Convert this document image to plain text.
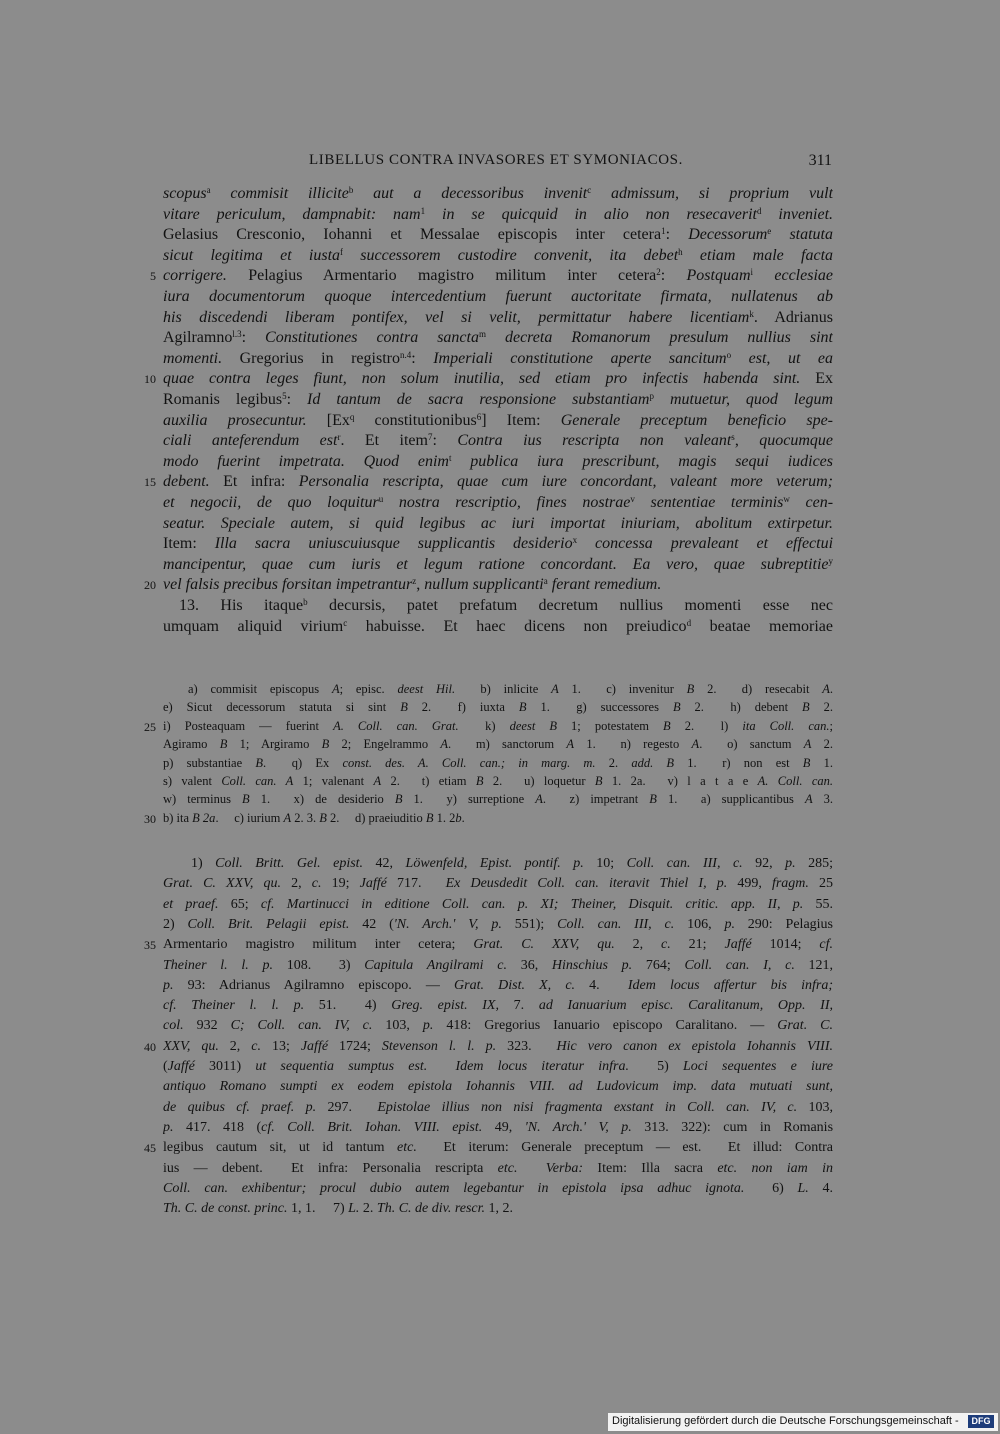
LIBELLUS CONTRA INVASORES ET SYMONIACOS.	311
scopus$^a$ commisit illicite$^b$ aut a decessoribus invenit$^c$ admissum, si proprium vult
vitare periculum, dampnabit: nam$^1$ in se quicquid in alio non resecaverit$^d$ inveniet.
Gelasius Cresconio, Iohanni et Messalae episcopis inter cetera$^1$: Decessorum$^e$ statuta
sicut legitima et iusta$^f$ successorem custodire convenit, ita debet$^h$ etiam male facta
5 corrigere. Pelagius Armentario magistro militum inter cetera$^2$: Postquam$^i$ ecclesiae
iura documentorum quoque intercedentium fuerunt auctoritate firmata, nullatenus ab
his discedendi liberam pontifex, vel si velit, permittatur habere licentiam$^k$. Adrianus
Agilramno$^{l.3}$: Constitutiones contra sancta$^m$ decreta Romanorum presulum nullius sint
momenti. Gregorius in registro$^{n.4}$: Imperiali constitutione aperte sancitum$^o$ est, ut ea
10 quae contra leges fiunt, non solum inutilia, sed etiam pro infectis habenda sint. Ex
Romanis legibus$^5$: Id tantum de sacra responsione substantiam$^p$ mutuetur, quod legum
auxilia prosecuntur. [Ex$^q$ constitutionibus$^6$] Item: Generale preceptum beneficio spe-
ciali anteferendum est$^r$. Et item$^7$: Contra ius rescripta non valeant$^s$, quocumque
modo fuerint impetrata. Quod enim$^t$ publica iura prescribunt, magis sequi iudices
15 debent. Et infra: Personalia rescripta, quae cum iure concordant, valeant more veterum;
et negocii, de quo loquitur$^u$ nostra rescriptio, fines nostrae$^v$ sententiae terminis$^w$ cen-
seatur. Speciale autem, si quid legibus ac iuri importat iniuriam, abolitum extirpetur.
Item: Illa sacra uniuscuiusque supplicantis desiderio$^x$ concessa prevaleant et effectui
mancipentur, quae cum iuris et legum ratione concordant. Ea vero, quae subreptitie$^y$
20 vel falsis precibus forsitan impetrantur$^z$, nullum supplicanti$^a$ ferant remedium.
 13. His itaque$^b$ decursis, patet prefatum decretum nullius momenti esse nec
umquam aliquid virium$^c$ habuisse. Et haec dicens non preiudico$^d$ beatae memoriae
  a) commisit episcopus A; episc. deest Hil.  b) inlicite A 1.  c) invenitur B 2.  d) resecabit A.
e) Sicut decessorum statuta si sint B 2.  f) iuxta B 1.  g) successores B 2.  h) debent B 2.
25 i) Posteaquam — fuerint A. Coll. can. Grat.  k) deest B 1; potestatem B 2.  l) ita Coll. can.;
Agiramo B 1; Argiramo B 2; Engelrammo A.  m) sanctorum A 1.  n) regesto A.  o) sanctum A 2.
p) substantiae B.  q) Ex const. des. A. Coll. can.; in marg. m. 2. add. B 1.  r) non est B 1.
s) valent Coll. can. A 1; valenant A 2.  t) etiam B 2.  u) loquetur B 1. 2a.  v) l a t a e A. Coll. can.
w) terminus B 1.  x) de desiderio B 1.  y) surreptione A.  z) impetrant B 1.  a) supplicantibus A 3.
30 b) ita B 2a.  c) iurium A 2. 3. B 2.  d) praeiuditio B 1. 2b.
  1) Coll. Britt. Gel. epist. 42, Löwenfeld, Epist. pontif. p. 10; Coll. can. III, c. 92, p. 285;
Grat. C. XXV, qu. 2, c. 19; Jaffé 717.  Ex Deusdedit Coll. can. iteravit Thiel I, p. 499, fragm. 25
et praef. 65; cf. Martinucci in editione Coll. can. p. XI; Theiner, Disquit. critic. app. II, p. 55.
2) Coll. Brit. Pelagii epist. 42 ('N. Arch.' V, p. 551); Coll. can. III, c. 106, p. 290: Pelagius
35 Armentario magistro militum inter cetera; Grat. C. XXV, qu. 2, c. 21; Jaffé 1014; cf.
Theiner l. l. p. 108.  3) Capitula Angilrami c. 36, Hinschius p. 764; Coll. can. I, c. 121,
p. 93: Adrianus Agilramno episcopo. — Grat. Dist. X, c. 4.  Idem locus affertur bis infra;
cf. Theiner l. l. p. 51.  4) Greg. epist. IX, 7. ad Ianuarium episc. Caralitanum, Opp. II,
col. 932 C; Coll. can. IV, c. 103, p. 418: Gregorius Ianuario episcopo Caralitano. — Grat. C.
40 XXV, qu. 2, c. 13; Jaffé 1724; Stevenson l. l. p. 323.  Hic vero canon ex epistola Iohannis VIII.
(Jaffé 3011) ut sequentia sumptus est.  Idem locus iteratur infra.  5) Loci sequentes e iure
antiquo Romano sumpti ex eodem epistola Iohannis VIII. ad Ludovicum imp. data mutuati sunt,
de quibus cf. praef. p. 297.  Epistolae illius non nisi fragmenta exstant in Coll. can. IV, c. 103,
p. 417. 418 (cf. Coll. Brit. Iohan. VIII. epist. 49, 'N. Arch.' V, p. 313. 322): cum in Romanis
45 legibus cautum sit, ut id tantum etc.  Et iterum: Generale preceptum — est.  Et illud: Contra
ius — debent.  Et infra: Personalia rescripta etc.  Verba: Item: Illa sacra etc. non iam in
Coll. can. exhibentur; procul dubio autem legebantur in epistola ipsa adhuc ignota.  6) L. 4.
Th. C. de const. princ. 1, 1.  7) L. 2. Th. C. de div. rescr. 1, 2.
Digitalisierung gefördert durch die Deutsche Forschungsgemeinschaft -	DFG
